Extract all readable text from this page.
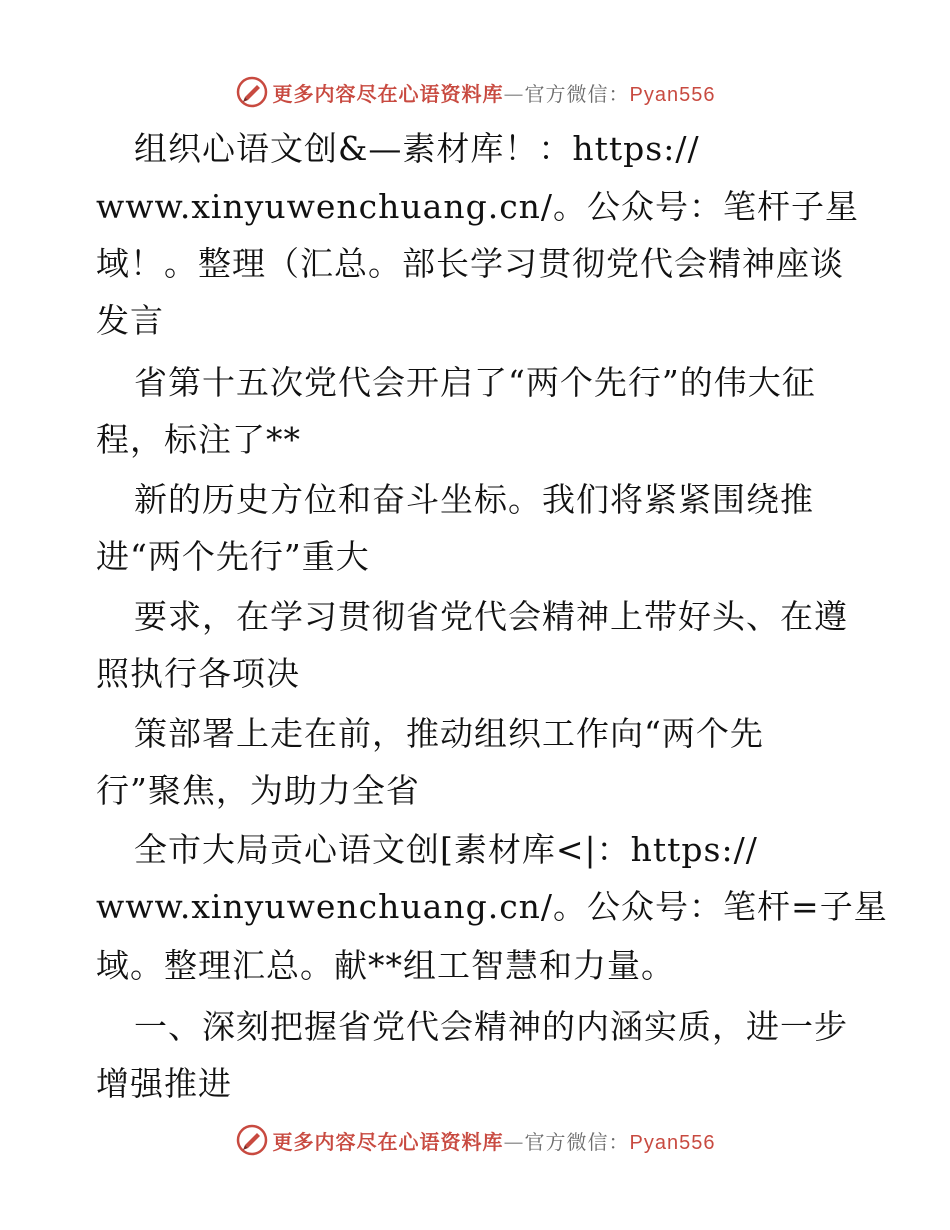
更多内容尽在心语资料库—官方微信：Pyan556
组织心语文创&—素材库！：https://
www.xinyuwenchuang.cn/。公众号：笔杆子星
域！。整理（汇总。部长学习贯彻党代会精神座谈
发言
省第十五次党代会开启了“两个先行”的伟大征
程，标注了**
新的历史方位和奋斗坐标。我们将紧紧围绕推
进“两个先行”重大
要求，在学习贯彻省党代会精神上带好头、在遵
照执行各项决
策部署上走在前，推动组织工作向“两个先
行”聚焦，为助力全省
全市大局贡心语文创[素材库<|：https://
www.xinyuwenchuang.cn/。公众号：笔杆=子星
域。整理汇总。献**组工智慧和力量。
一、深刻把握省党代会精神的内涵实质，进一步
增强推进
更多内容尽在心语资料库—官方微信：Pyan556
